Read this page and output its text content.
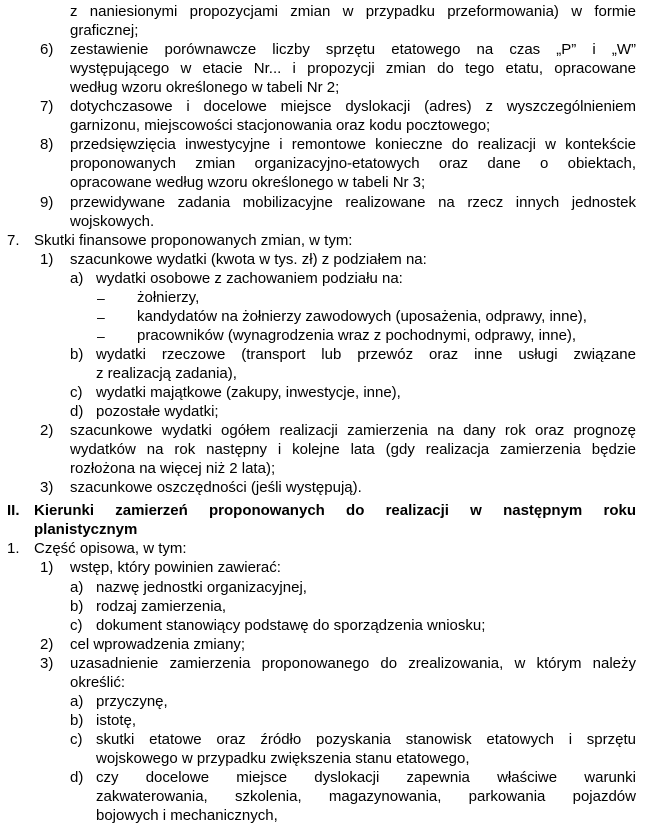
z naniesionymi propozycjami zmian w przypadku przeformowania) w formie
graficznej;
6) zestawienie porównawcze liczby sprzętu etatowego na czas „P” i „W”
występującego w etacie Nr... i propozycji zmian do tego etatu, opracowane
według wzoru określonego w tabeli Nr 2;
7) dotychczasowe i docelowe miejsce dyslokacji (adres) z wyszczególnieniem
garnizonu, miejscowości stacjonowania oraz kodu pocztowego;
8) przedsięwzięcia inwestycyjne i remontowe konieczne do realizacji w kontekście
proponowanych zmian organizacyjno-etatowych oraz dane o obiektach,
opracowane według wzoru określonego w tabeli Nr 3;
9) przewidywane zadania mobilizacyjne realizowane na rzecz innych jednostek
wojskowych.
7. Skutki finansowe proponowanych zmian, w tym:
1) szacunkowe wydatki (kwota w tys. zł) z podziałem na:
a) wydatki osobowe z zachowaniem podziału na:
– żołnierzy,
– kandydatów na żołnierzy zawodowych (uposażenia, odprawy, inne),
– pracowników (wynagrodzenia wraz z pochodnymi, odprawy, inne),
b) wydatki rzeczowe (transport lub przewóz oraz inne usługi związane
z realizacją zadania),
c) wydatki majątkowe (zakupy, inwestycje, inne),
d) pozostałe wydatki;
2) szacunkowe wydatki ogółem realizacji zamierzenia na dany rok oraz prognozę
wydatków na rok następny i kolejne lata (gdy realizacja zamierzenia będzie
rozłożona na więcej niż 2 lata);
3) szacunkowe oszczędności (jeśli występują).
II. Kierunki zamierzeń proponowanych do realizacji w następnym roku
planistycznym
1. Część opisowa, w tym:
1) wstęp, który powinien zawierać:
a) nazwę jednostki organizacyjnej,
b) rodzaj zamierzenia,
c) dokument stanowiący podstawę do sporządzenia wniosku;
2) cel wprowadzenia zmiany;
3) uzasadnienie zamierzenia proponowanego do zrealizowania, w którym należy
określić:
a) przyczynę,
b) istotę,
c) skutki etatowe oraz źródło pozyskania stanowisk etatowych i sprzętu
wojskowego w przypadku zwiększenia stanu etatowego,
d) czy docelowe miejsce dyslokacji zapewnia właściwe warunki
zakwaterowania, szkolenia, magazynowania, parkowania pojazdów
bojowych i mechanicznych,
